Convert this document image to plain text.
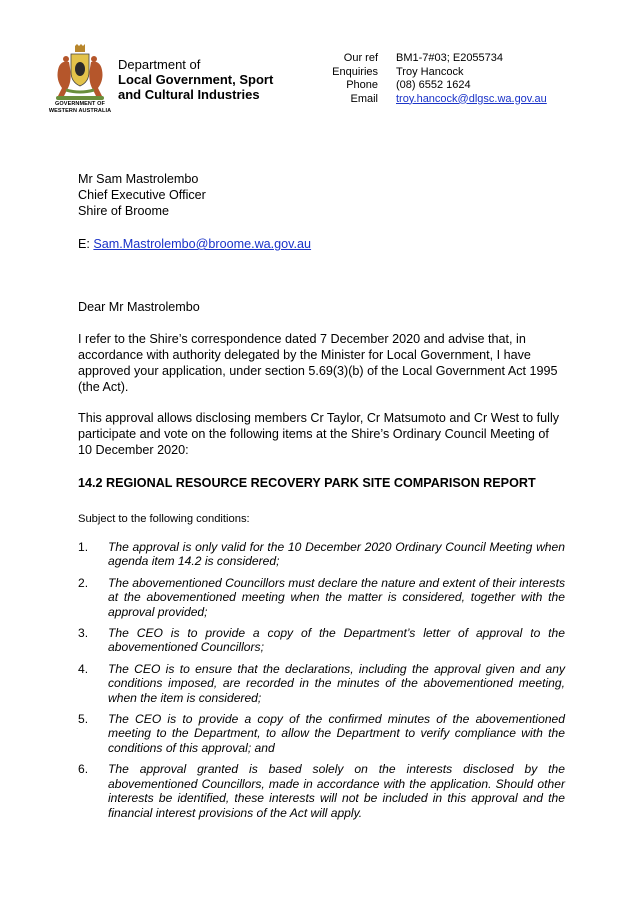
GOVERNMENT OF
WESTERN AUSTRALIA
Department of
Local Government, Sport
and Cultural Industries
Our ref	BM1-7#03; E2055734
Enquiries	Troy Hancock
Phone	(08) 6552 1624
Email	troy.hancock@dlgsc.wa.gov.au
Mr Sam Mastrolembo
Chief Executive Officer
Shire of Broome
E: Sam.Mastrolembo@broome.wa.gov.au
Dear Mr Mastrolembo
I refer to the Shire’s correspondence dated 7 December 2020 and advise that, in accordance with authority delegated by the Minister for Local Government, I have approved your application, under section 5.69(3)(b) of the Local Government Act 1995 (the Act).
This approval allows disclosing members Cr Taylor, Cr Matsumoto and Cr West to fully participate and vote on the following items at the Shire’s Ordinary Council Meeting of 10 December 2020:
14.2 REGIONAL RESOURCE RECOVERY PARK SITE COMPARISON REPORT
Subject to the following conditions:
1. The approval is only valid for the 10 December 2020 Ordinary Council Meeting when agenda item 14.2 is considered;
2. The abovementioned Councillors must declare the nature and extent of their interests at the abovementioned meeting when the matter is considered, together with the approval provided;
3. The CEO is to provide a copy of the Department’s letter of approval to the abovementioned Councillors;
4. The CEO is to ensure that the declarations, including the approval given and any conditions imposed, are recorded in the minutes of the abovementioned meeting, when the item is considered;
5. The CEO is to provide a copy of the confirmed minutes of the abovementioned meeting to the Department, to allow the Department to verify compliance with the conditions of this approval; and
6. The approval granted is based solely on the interests disclosed by the abovementioned Councillors, made in accordance with the application. Should other interests be identified, these interests will not be included in this approval and the financial interest provisions of the Act will apply.
